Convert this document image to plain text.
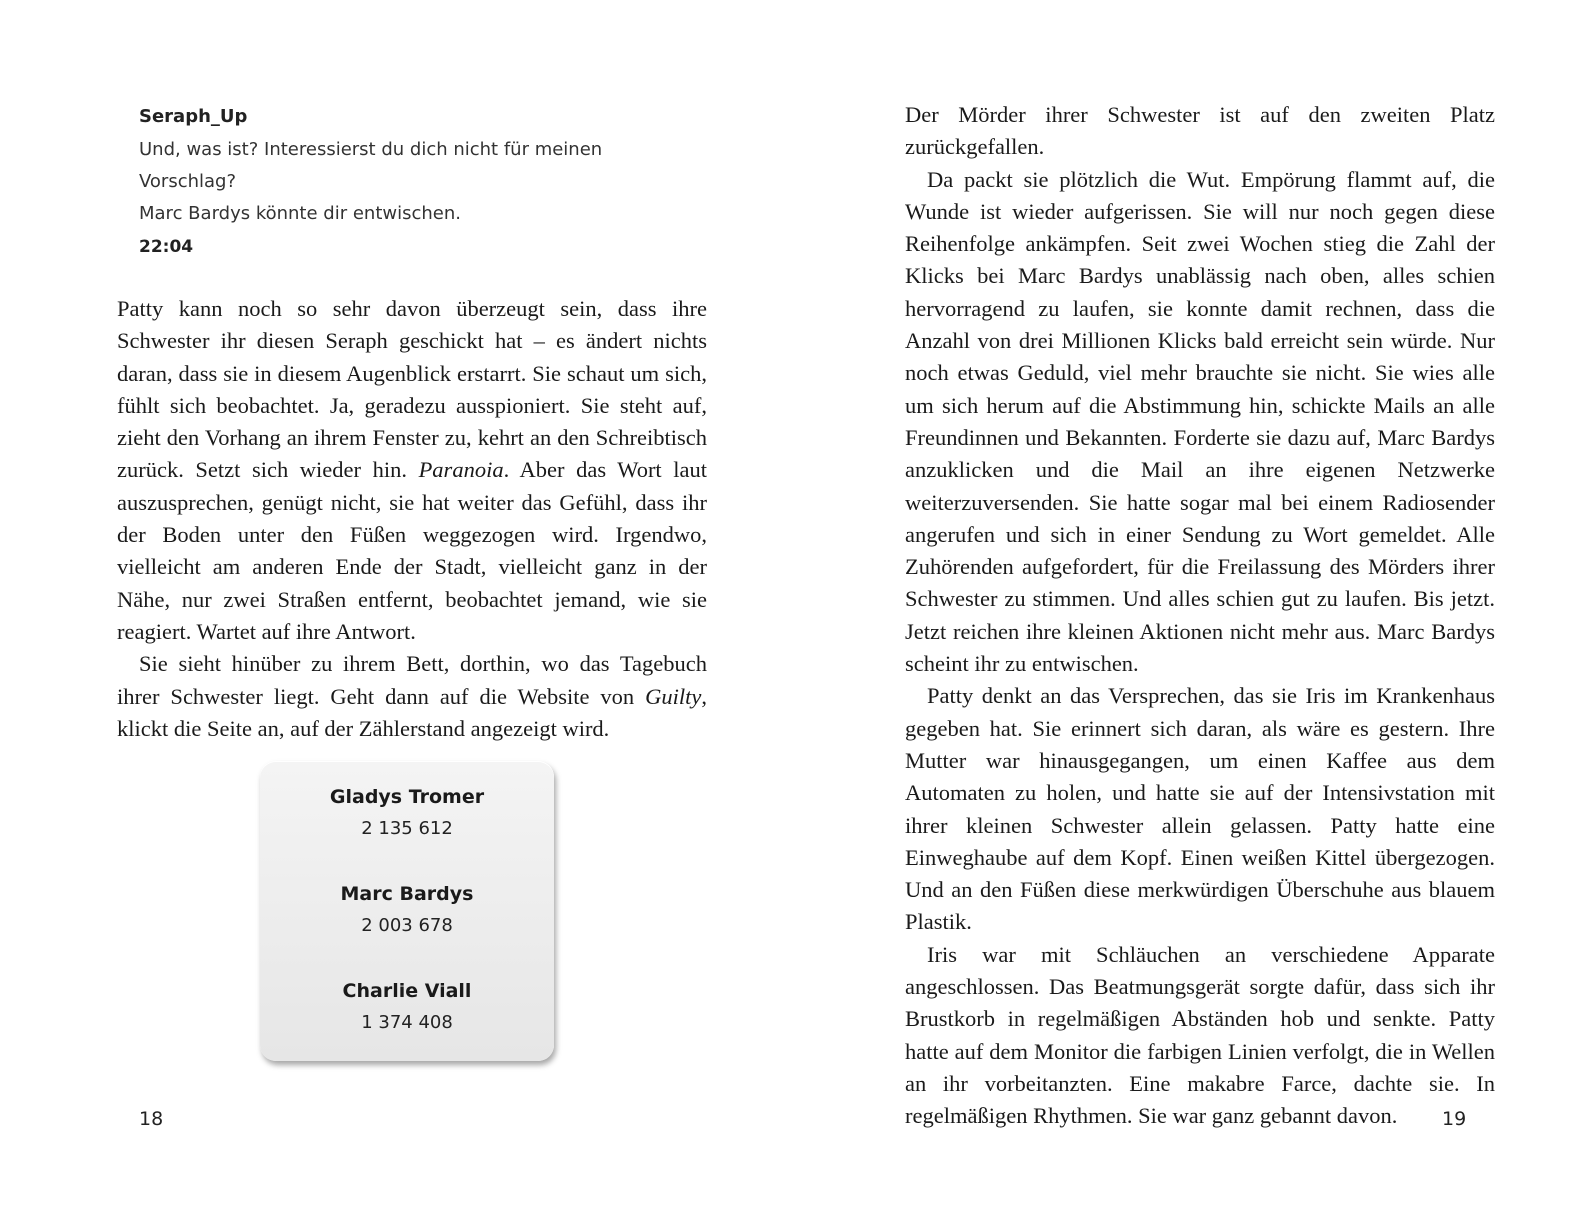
Seraph_Up
Und, was ist? Interessierst du dich nicht für meinen
Vorschlag?
Marc Bardys könnte dir entwischen.
22:04

Patty kann noch so sehr davon überzeugt sein, dass ihre Schwester ihr diesen Seraph geschickt hat – es ändert nichts daran, dass sie in diesem Augenblick erstarrt. Sie schaut um sich, fühlt sich beobachtet. Ja, geradezu ausspioniert. Sie steht auf, zieht den Vorhang an ihrem Fenster zu, kehrt an den Schreibtisch zurück. Setzt sich wieder hin. Paranoia. Aber das Wort laut auszusprechen, genügt nicht, sie hat weiter das Gefühl, dass ihr der Boden unter den Füßen weggezogen wird. Irgendwo, vielleicht am anderen Ende der Stadt, vielleicht ganz in der Nähe, nur zwei Straßen entfernt, beobachtet jemand, wie sie reagiert. Wartet auf ihre Antwort.

Sie sieht hinüber zu ihrem Bett, dorthin, wo das Tagebuch ihrer Schwester liegt. Geht dann auf die Website von Guilty, klickt die Seite an, auf der Zählerstand angezeigt wird.

Gladys Tromer
2 135 612
Marc Bardys
2 003 678
Charlie Viall
1 374 408
18

Der Mörder ihrer Schwester ist auf den zweiten Platz zurückgefallen.

Da packt sie plötzlich die Wut. Empörung flammt auf, die Wunde ist wieder aufgerissen. Sie will nur noch gegen diese Reihenfolge ankämpfen. Seit zwei Wochen stieg die Zahl der Klicks bei Marc Bardys unablässig nach oben, alles schien hervorragend zu laufen, sie konnte damit rechnen, dass die Anzahl von drei Millionen Klicks bald erreicht sein würde. Nur noch etwas Geduld, viel mehr brauchte sie nicht. Sie wies alle um sich herum auf die Abstimmung hin, schickte Mails an alle Freundinnen und Bekannten. Forderte sie dazu auf, Marc Bardys anzuklicken und die Mail an ihre eigenen Netzwerke weiterzuversenden. Sie hatte sogar mal bei einem Radiosender angerufen und sich in einer Sendung zu Wort gemeldet. Alle Zuhörenden aufgefordert, für die Freilassung des Mörders ihrer Schwester zu stimmen. Und alles schien gut zu laufen. Bis jetzt. Jetzt reichen ihre kleinen Aktionen nicht mehr aus. Marc Bardys scheint ihr zu entwischen.

Patty denkt an das Versprechen, das sie Iris im Krankenhaus gegeben hat. Sie erinnert sich daran, als wäre es gestern. Ihre Mutter war hinausgegangen, um einen Kaffee aus dem Automaten zu holen, und hatte sie auf der Intensivstation mit ihrer kleinen Schwester allein gelassen. Patty hatte eine Einweghaube auf dem Kopf. Einen weißen Kittel übergezogen. Und an den Füßen diese merkwürdigen Überschuhe aus blauem Plastik.

Iris war mit Schläuchen an verschiedene Apparate angeschlossen. Das Beatmungsgerät sorgte dafür, dass sich ihr Brustkorb in regelmäßigen Abständen hob und senkte. Patty hatte auf dem Monitor die farbigen Linien verfolgt, die in Wellen an ihr vorbeitanzten. Eine makabre Farce, dachte sie. In regelmäßigen Rhythmen. Sie war ganz gebannt davon.	19
